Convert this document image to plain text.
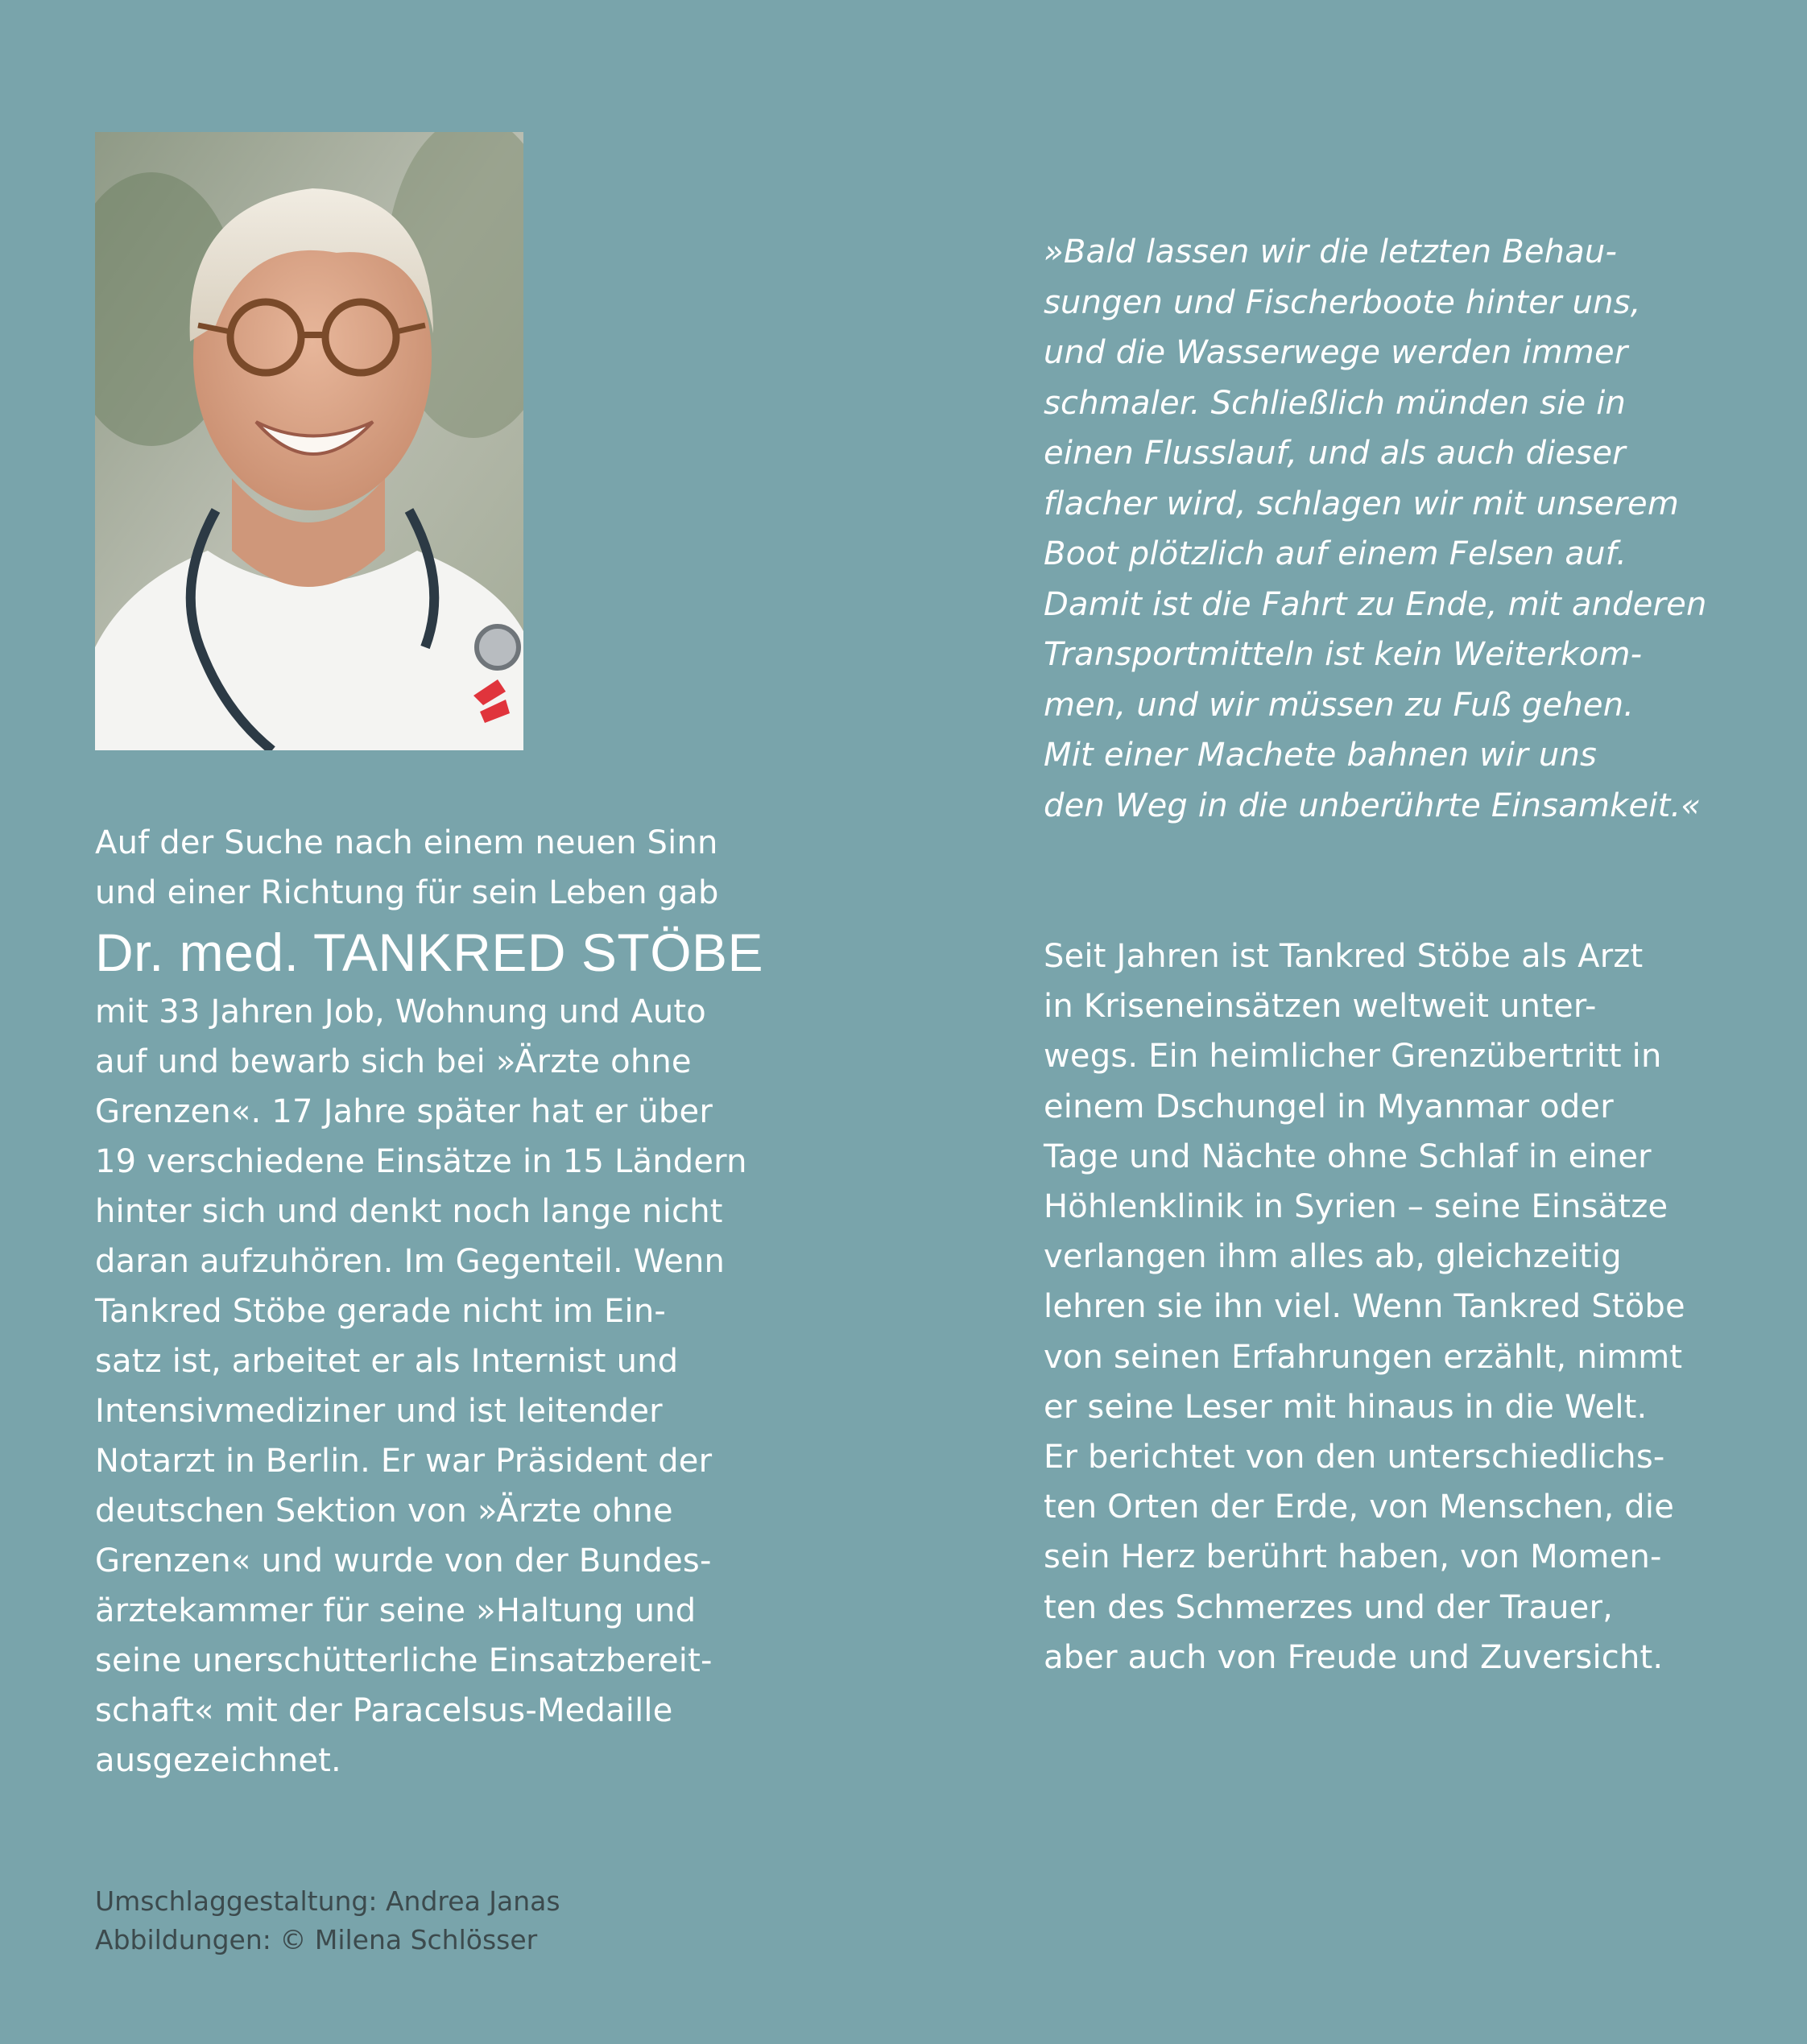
Auf der Suche nach einem neuen Sinn
und einer Richtung für sein Leben gab

Dr. med. TANKRED STÖBE

mit 33 Jahren Job, Wohnung und Auto
auf und bewarb sich bei »Ärzte ohne
Grenzen«. 17 Jahre später hat er über
19 verschiedene Einsätze in 15 Ländern
hinter sich und denkt noch lange nicht
daran aufzuhören. Im Gegenteil. Wenn
Tankred Stöbe gerade nicht im Ein-
satz ist, arbeitet er als Internist und
Intensivmediziner und ist leitender
Notarzt in Berlin. Er war Präsident der
deutschen Sektion von »Ärzte ohne
Grenzen« und wurde von der Bundes-
ärztekammer für seine »Haltung und
seine unerschütterliche Einsatzbereit-
schaft« mit der Paracelsus-Medaille
ausgezeichnet.

»Bald lassen wir die letzten Behau-
sungen und Fischerboote hinter uns,
und die Wasserwege werden immer
schmaler. Schließlich münden sie in
einen Flusslauf, und als auch dieser
flacher wird, schlagen wir mit unserem
Boot plötzlich auf einem Felsen auf.
Damit ist die Fahrt zu Ende, mit anderen
Transportmitteln ist kein Weiterkom-
men, und wir müssen zu Fuß gehen.
Mit einer Machete bahnen wir uns
den Weg in die unberührte Einsamkeit.«

Seit Jahren ist Tankred Stöbe als Arzt
in Kriseneinsätzen weltweit unter-
wegs. Ein heimlicher Grenzübertritt in
einem Dschungel in Myanmar oder
Tage und Nächte ohne Schlaf in einer
Höhlenklinik in Syrien – seine Einsätze
verlangen ihm alles ab, gleichzeitig
lehren sie ihn viel. Wenn Tankred Stöbe
von seinen Erfahrungen erzählt, nimmt
er seine Leser mit hinaus in die Welt.
Er berichtet von den unterschiedlichs-
ten Orten der Erde, von Menschen, die
sein Herz berührt haben, von Momen-
ten des Schmerzes und der Trauer,
aber auch von Freude und Zuversicht.

Umschlaggestaltung: Andrea Janas
Abbildungen: © Milena Schlösser
